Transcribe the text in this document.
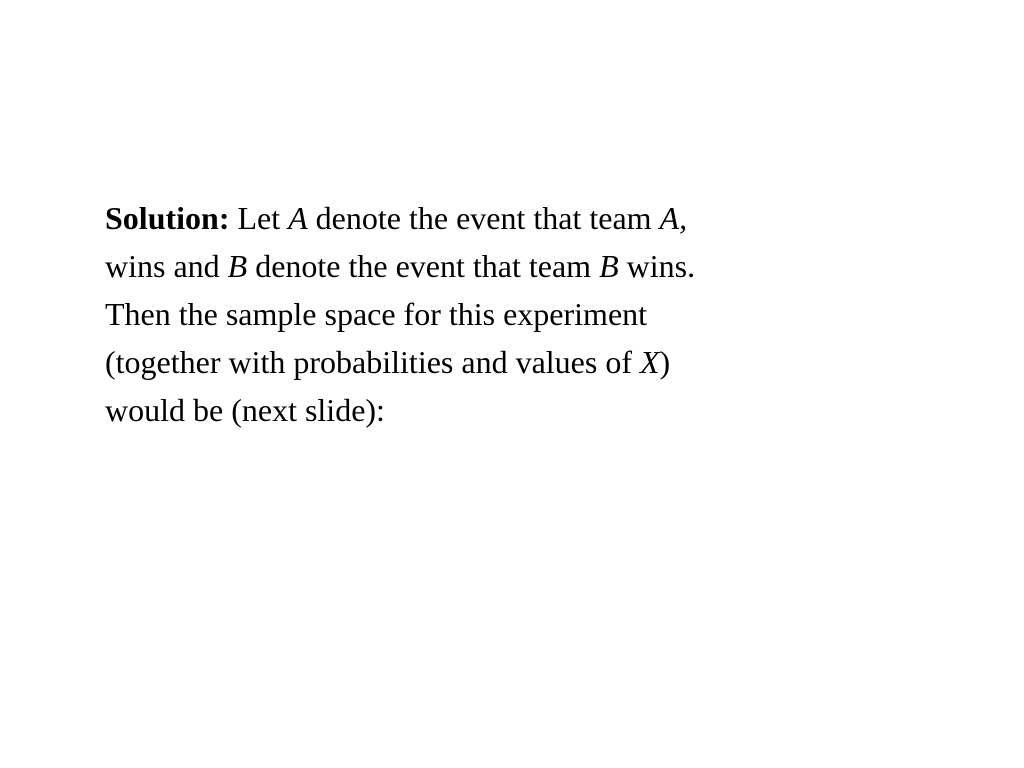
Solution: Let A denote the event that team A,
wins and B denote the event that team B wins.
Then the sample space for this experiment
(together with probabilities and values of X)
would be (next slide):
